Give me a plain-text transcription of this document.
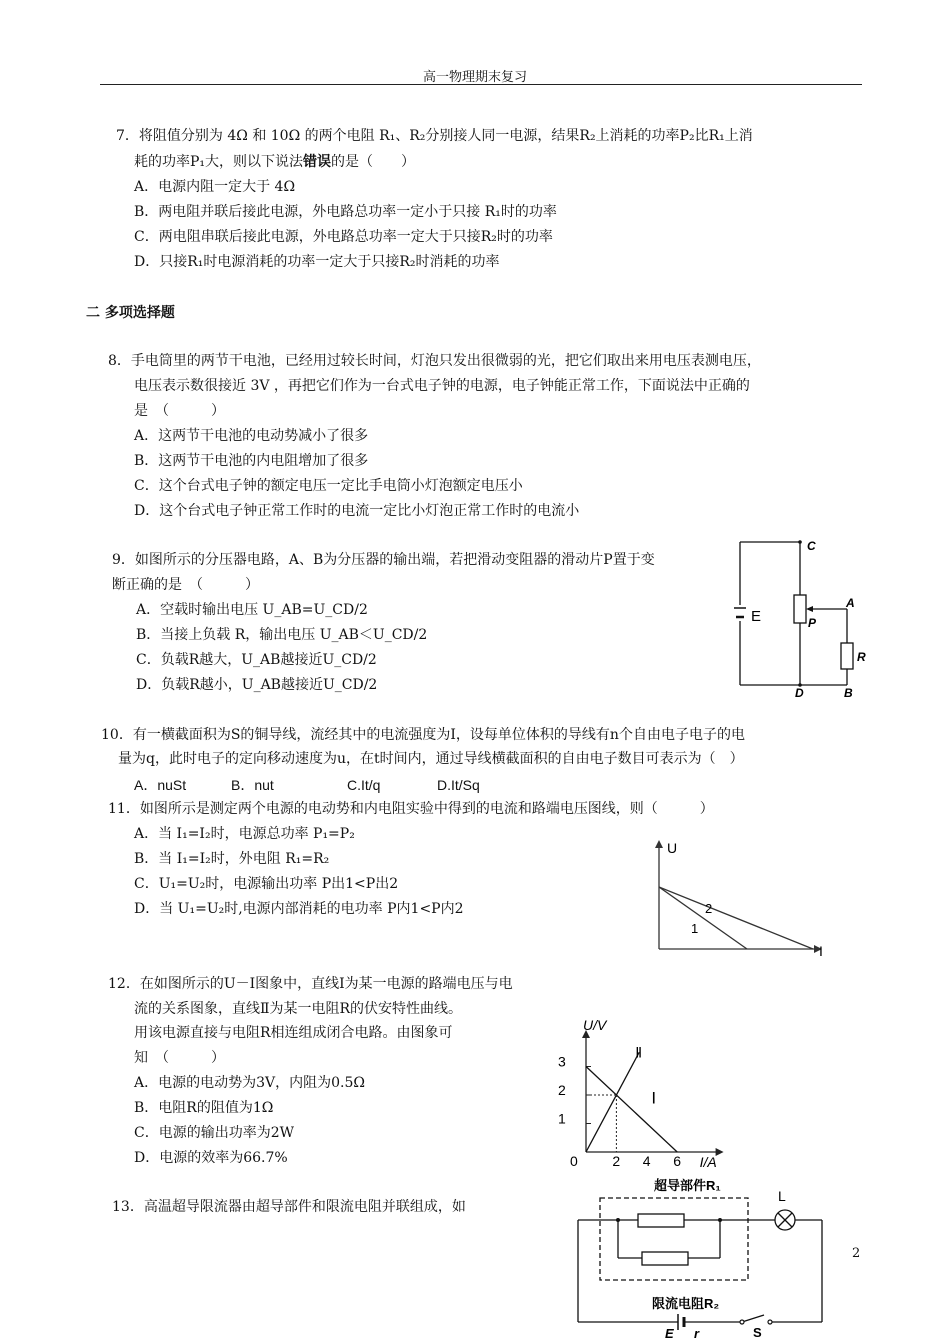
高一物理期末复习
7．将阻值分别为 4Ω 和 10Ω 的两个电阻 R₁、R₂分别接人同一电源，结果R₂上消耗的功率P₂比R₁上消
耗的功率P₁大，则以下说法错误的是（　　）
A．电源内阻一定大于 4Ω
B．两电阻并联后接此电源，外电路总功率一定小于只接 R₁时的功率
C．两电阻串联后接此电源，外电路总功率一定大于只接R₂时的功率
D．只接R₁时电源消耗的功率一定大于只接R₂时消耗的功率
二 多项选择题
8．手电筒里的两节干电池，已经用过较长时间，灯泡只发出很微弱的光，把它们取出来用电压表测电压，
电压表示数很接近 3V ，再把它们作为一台式电子钟的电源，电子钟能正常工作，下面说法中正确的
是　（　　　）
A．这两节干电池的电动势减小了很多
B．这两节干电池的内电阻增加了很多
C．这个台式电子钟的额定电压一定比手电筒小灯泡额定电压小
D．这个台式电子钟正常工作时的电流一定比小灯泡正常工作时的电流小
9．如图所示的分压器电路，A、B为分压器的输出端，若把滑动变阻器的滑动片P置于变
断正确的是　（　　　）
A．空载时输出电压 U_AB=U_CD/2
B．当接上负载 R，输出电压 U_AB＜U_CD/2
C．负载R越大，U_AB越接近U_CD/2
D．负载R越小，U_AB越接近U_CD/2
C
E	P
A
R
D	B
10．有一横截面积为S的铜导线，流经其中的电流强度为I，设每单位体积的导线有n个自由电子电子的电
量为q，此时电子的定向移动速度为u，在t时间内，通过导线横截面积的自由电子数目可表示为（　）
A．nuSt	B．nut	C.It/q	D.It/Sq
11．如图所示是测定两个电源的电动势和内电阻实验中得到的电流和路端电压图线，则（　　　）
A．当 I₁=I₂时，电源总功率 P₁=P₂
B．当 I₁=I₂时，外电阻 R₁=R₂
C．U₁=U₂时，电源输出功率 P出1<P出2
D．当 U₁=U₂时,电源内部消耗的电功率 P内1<P内2
U
I
1
2
12．在如图所示的U－I图象中，直线Ⅰ为某一电源的路端电压与电
流的关系图象，直线Ⅱ为某一电阻R的伏安特性曲线。
用该电源直接与电阻R相连组成闭合电路。由图象可
知　（　　　）
A．电源的电动势为3V，内阻为0.5Ω
B．电阻R的阻值为1Ω
C．电源的输出功率为2W
D．电源的效率为66.7%
U/V
I/A
0 2 4 6
1
2
3
Ⅰ
Ⅱ
13．高温超导限流器由超导部件和限流电阻并联组成，如
超导部件R₁
L
限流电阻R₂
E r	S
2
